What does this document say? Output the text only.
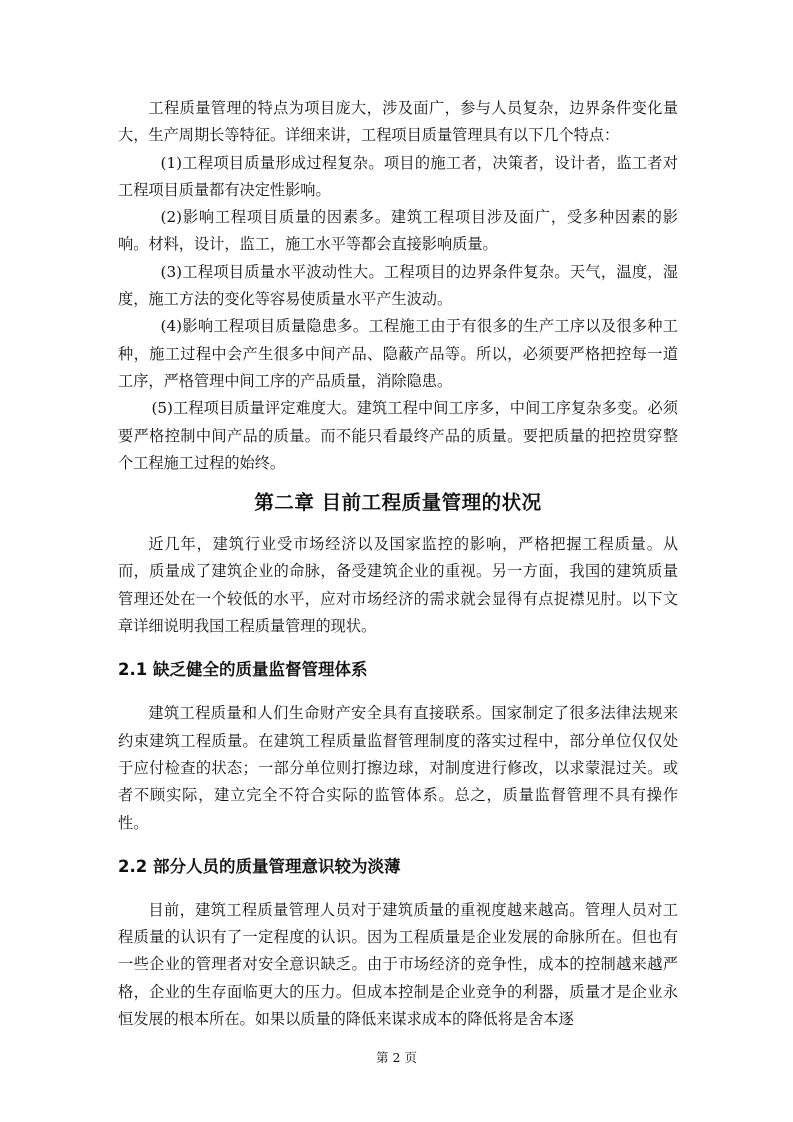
工程质量管理的特点为项目庞大，涉及面广，参与人员复杂，边界条件变化量大，生产周期长等特征。详细来讲，工程项目质量管理具有以下几个特点：

(1)工程项目质量形成过程复杂。项目的施工者，决策者，设计者，监工者对工程项目质量都有决定性影响。

(2)影响工程项目质量的因素多。建筑工程项目涉及面广，受多种因素的影响。材料，设计，监工，施工水平等都会直接影响质量。

(3)工程项目质量水平波动性大。工程项目的边界条件复杂。天气，温度，湿度，施工方法的变化等容易使质量水平产生波动。

(4)影响工程项目质量隐患多。工程施工由于有很多的生产工序以及很多种工种，施工过程中会产生很多中间产品、隐蔽产品等。所以，必须要严格把控每一道工序，严格管理中间工序的产品质量，消除隐患。

(5)工程项目质量评定难度大。建筑工程中间工序多，中间工序复杂多变。必须要严格控制中间产品的质量。而不能只看最终产品的质量。要把质量的把控贯穿整个工程施工过程的始终。

第二章 目前工程质量管理的状况

近几年，建筑行业受市场经济以及国家监控的影响，严格把握工程质量。从而，质量成了建筑企业的命脉，备受建筑企业的重视。另一方面，我国的建筑质量管理还处在一个较低的水平，应对市场经济的需求就会显得有点捉襟见肘。以下文章详细说明我国工程质量管理的现状。

2.1 缺乏健全的质量监督管理体系

建筑工程质量和人们生命财产安全具有直接联系。国家制定了很多法律法规来约束建筑工程质量。在建筑工程质量监督管理制度的落实过程中，部分单位仅仅处于应付检查的状态；一部分单位则打擦边球，对制度进行修改，以求蒙混过关。或者不顾实际，建立完全不符合实际的监管体系。总之，质量监督管理不具有操作性。

2.2 部分人员的质量管理意识较为淡薄

目前，建筑工程质量管理人员对于建筑质量的重视度越来越高。管理人员对工程质量的认识有了一定程度的认识。因为工程质量是企业发展的命脉所在。但也有一些企业的管理者对安全意识缺乏。由于市场经济的竞争性，成本的控制越来越严格，企业的生存面临更大的压力。但成本控制是企业竞争的利器，质量才是企业永恒发展的根本所在。如果以质量的降低来谋求成本的降低将是舍本逐

第 2 页
